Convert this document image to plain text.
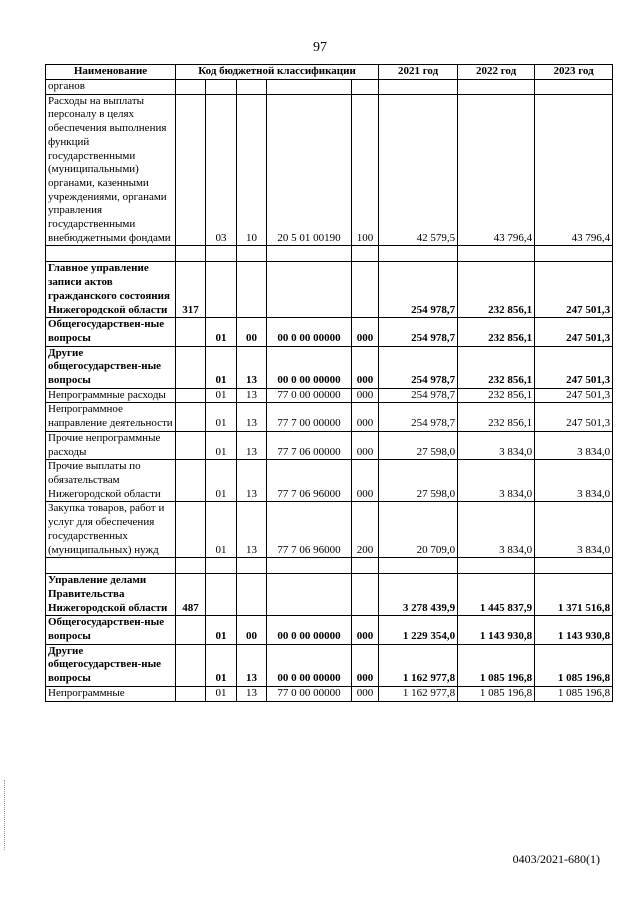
97
Наименование	Код бюджетной классификации					2021 год	2022 год	2023 год
органов								
Расходы на выплаты персоналу в целях обеспечения выполнения функций государственными (муниципальными) органами, казенными учреждениями, органами управления государственными внебюджетными фондами		03	10	20 5 01 00190	100	42 579,5	43 796,4	43 796,4

Главное управление записи актов гражданского состояния Нижегородской области	317					254 978,7	232 856,1	247 501,3
Общегосударствен-ные вопросы		01	00	00 0 00 00000	000	254 978,7	232 856,1	247 501,3
Другие общегосударствен-ные вопросы		01	13	00 0 00 00000	000	254 978,7	232 856,1	247 501,3
Непрограммные расходы		01	13	77 0 00 00000	000	254 978,7	232 856,1	247 501,3
Непрограммное направление деятельности		01	13	77 7 00 00000	000	254 978,7	232 856,1	247 501,3
Прочие непрограммные расходы		01	13	77 7 06 00000	000	27 598,0	3 834,0	3 834,0
Прочие выплаты по обязательствам Нижегородской области		01	13	77 7 06 96000	000	27 598,0	3 834,0	3 834,0
Закупка товаров, работ и услуг для обеспечения государственных (муниципальных) нужд		01	13	77 7 06 96000	200	20 709,0	3 834,0	3 834,0

Управление делами Правительства Нижегородской области	487					3 278 439,9	1 445 837,9	1 371 516,8
Общегосударствен-ные вопросы		01	00	00 0 00 00000	000	1 229 354,0	1 143 930,8	1 143 930,8
Другие общегосударствен-ные вопросы		01	13	00 0 00 00000	000	1 162 977,8	1 085 196,8	1 085 196,8
Непрограммные		01	13	77 0 00 00000	000	1 162 977,8	1 085 196,8	1 085 196,8
0403/2021-680(1)
